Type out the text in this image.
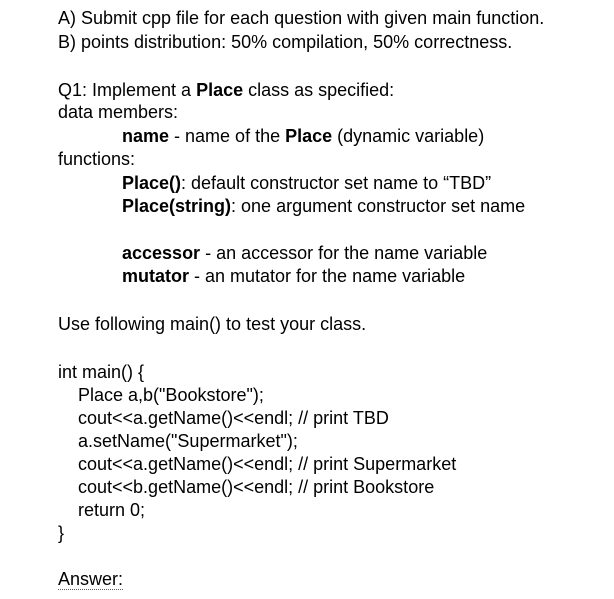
A) Submit cpp file for each question with given main function.
B) points distribution: 50% compilation, 50% correctness.
Q1: Implement a Place class as specified:
data members:
name - name of the Place (dynamic variable)
functions:
Place(): default constructor set name to “TBD”
Place(string): one argument constructor set name
accessor - an accessor for the name variable
mutator - an mutator for the name variable
Use following main() to test your class.
int main() {
Place a,b("Bookstore");
cout<<a.getName()<<endl; // print TBD
a.setName("Supermarket");
cout<<a.getName()<<endl; // print Supermarket
cout<<b.getName()<<endl; // print Bookstore
return 0;
}
Answer:
